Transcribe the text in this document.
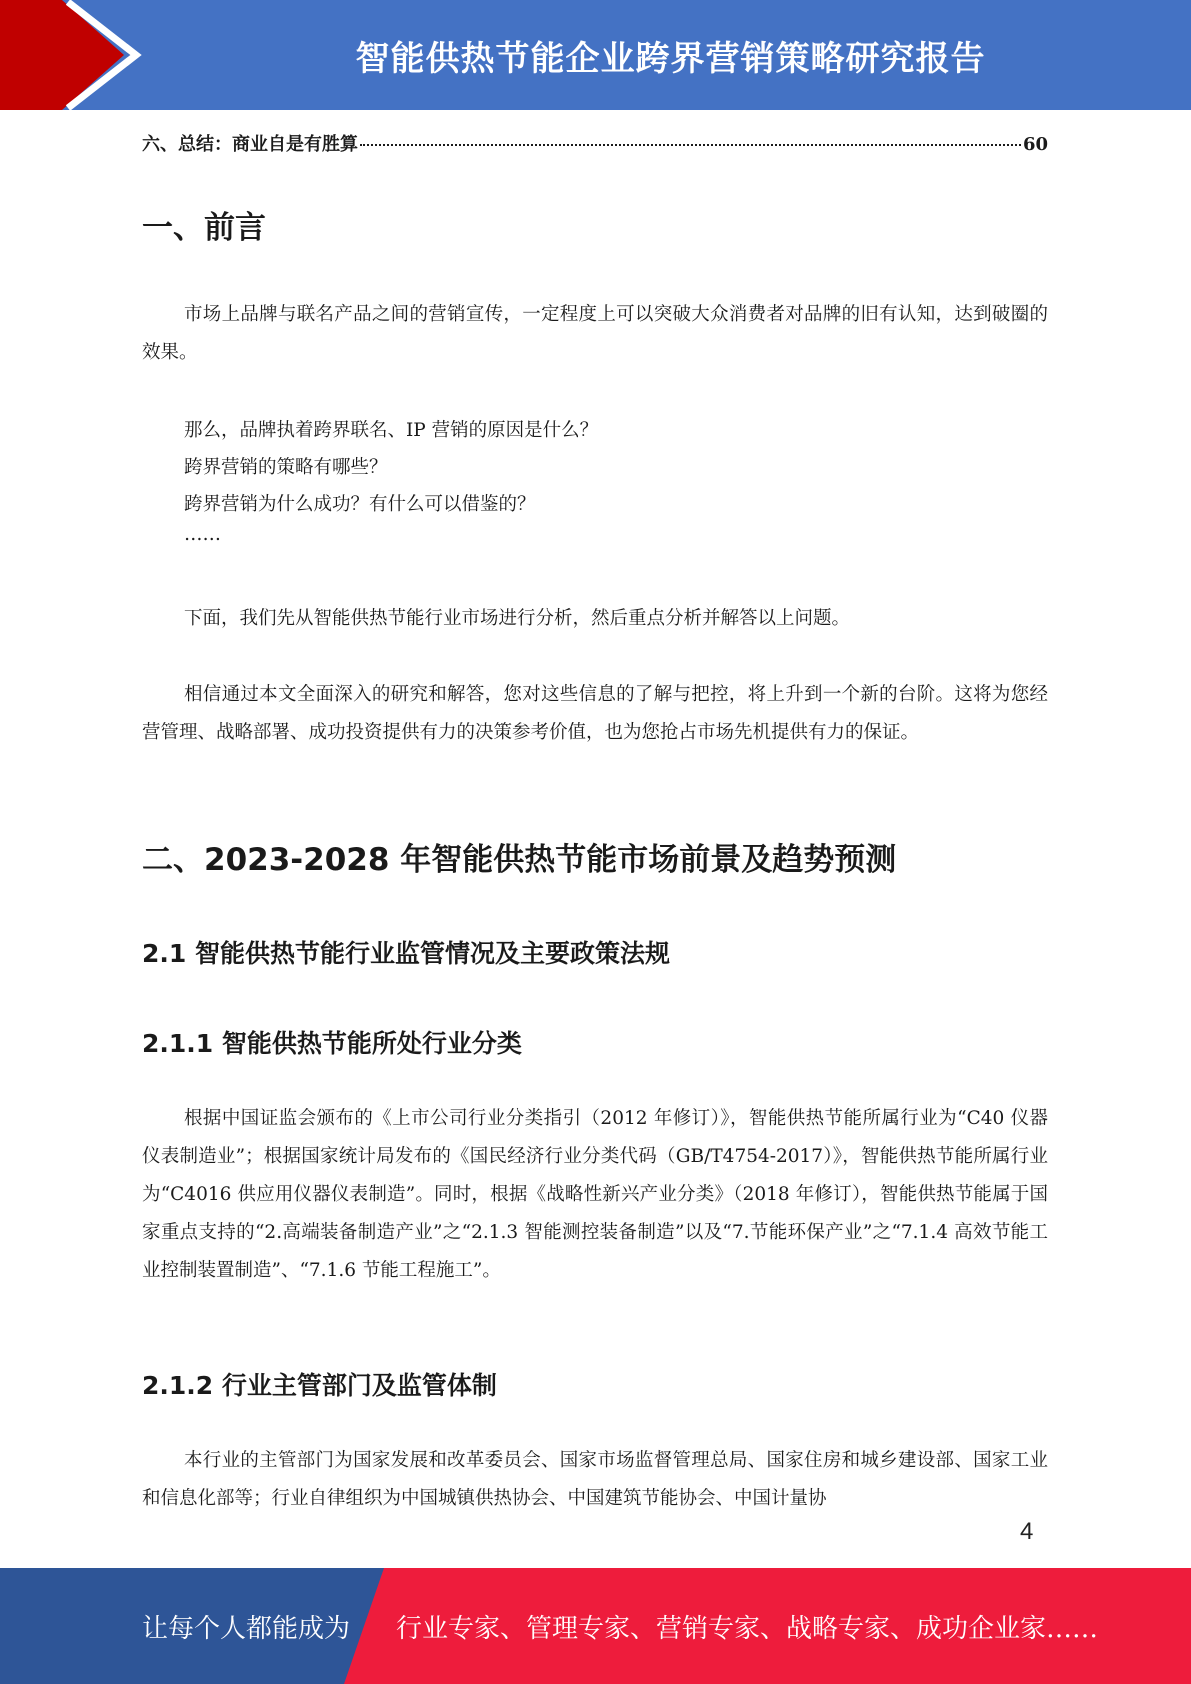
智能供热节能企业跨界营销策略研究报告
六、总结：商业自是有胜算	60
一、前言

市场上品牌与联名产品之间的营销宣传，一定程度上可以突破大众消费者对品牌的旧有认知，达到破圈的效果。

那么，品牌执着跨界联名、IP 营销的原因是什么？
跨界营销的策略有哪些？
跨界营销为什么成功？有什么可以借鉴的？
……

下面，我们先从智能供热节能行业市场进行分析，然后重点分析并解答以上问题。

相信通过本文全面深入的研究和解答，您对这些信息的了解与把控，将上升到一个新的台阶。这将为您经营管理、战略部署、成功投资提供有力的决策参考价值，也为您抢占市场先机提供有力的保证。

二、2023-2028 年智能供热节能市场前景及趋势预测
2.1 智能供热节能行业监管情况及主要政策法规
2.1.1 智能供热节能所处行业分类

根据中国证监会颁布的《上市公司行业分类指引（2012 年修订）》，智能供热节能所属行业为“C40 仪器仪表制造业”；根据国家统计局发布的《国民经济行业分类代码（GB/T4754-2017）》，智能供热节能所属行业为“C4016 供应用仪器仪表制造”。同时，根据《战略性新兴产业分类》（2018 年修订），智能供热节能属于国家重点支持的“2.高端装备制造产业”之“2.1.3 智能测控装备制造”以及“7.节能环保产业”之“7.1.4 高效节能工业控制装置制造”、“7.1.6 节能工程施工”。

2.1.2 行业主管部门及监管体制

本行业的主管部门为国家发展和改革委员会、国家市场监督管理总局、国家住房和城乡建设部、国家工业和信息化部等；行业自律组织为中国城镇供热协会、中国建筑节能协会、中国计量协

4
让每个人都能成为 行业专家、管理专家、营销专家、战略专家、成功企业家……
